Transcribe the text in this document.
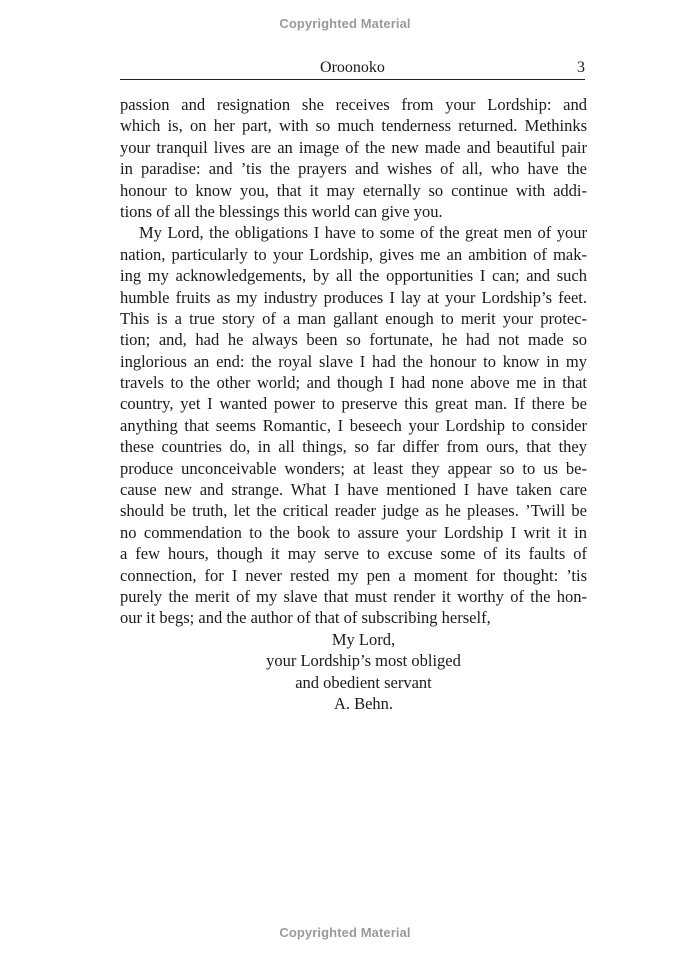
Copyrighted Material
Oroonoko	3
passion and resignation she receives from your Lordship: and
which is, on her part, with so much tenderness returned. Methinks
your tranquil lives are an image of the new made and beautiful pair
in paradise: and ’tis the prayers and wishes of all, who have the
honour to know you, that it may eternally so continue with addi-
tions of all the blessings this world can give you.
My Lord, the obligations I have to some of the great men of your
nation, particularly to your Lordship, gives me an ambition of mak-
ing my acknowledgements, by all the opportunities I can; and such
humble fruits as my industry produces I lay at your Lordship’s feet.
This is a true story of a man gallant enough to merit your protec-
tion; and, had he always been so fortunate, he had not made so
inglorious an end: the royal slave I had the honour to know in my
travels to the other world; and though I had none above me in that
country, yet I wanted power to preserve this great man. If there be
anything that seems Romantic, I beseech your Lordship to consider
these countries do, in all things, so far differ from ours, that they
produce unconceivable wonders; at least they appear so to us be-
cause new and strange. What I have mentioned I have taken care
should be truth, let the critical reader judge as he pleases. ’Twill be
no commendation to the book to assure your Lordship I writ it in
a few hours, though it may serve to excuse some of its faults of
connection, for I never rested my pen a moment for thought: ’tis
purely the merit of my slave that must render it worthy of the hon-
our it begs; and the author of that of subscribing herself,
My Lord,
your Lordship’s most obliged
and obedient servant
A. Behn.
Copyrighted Material
